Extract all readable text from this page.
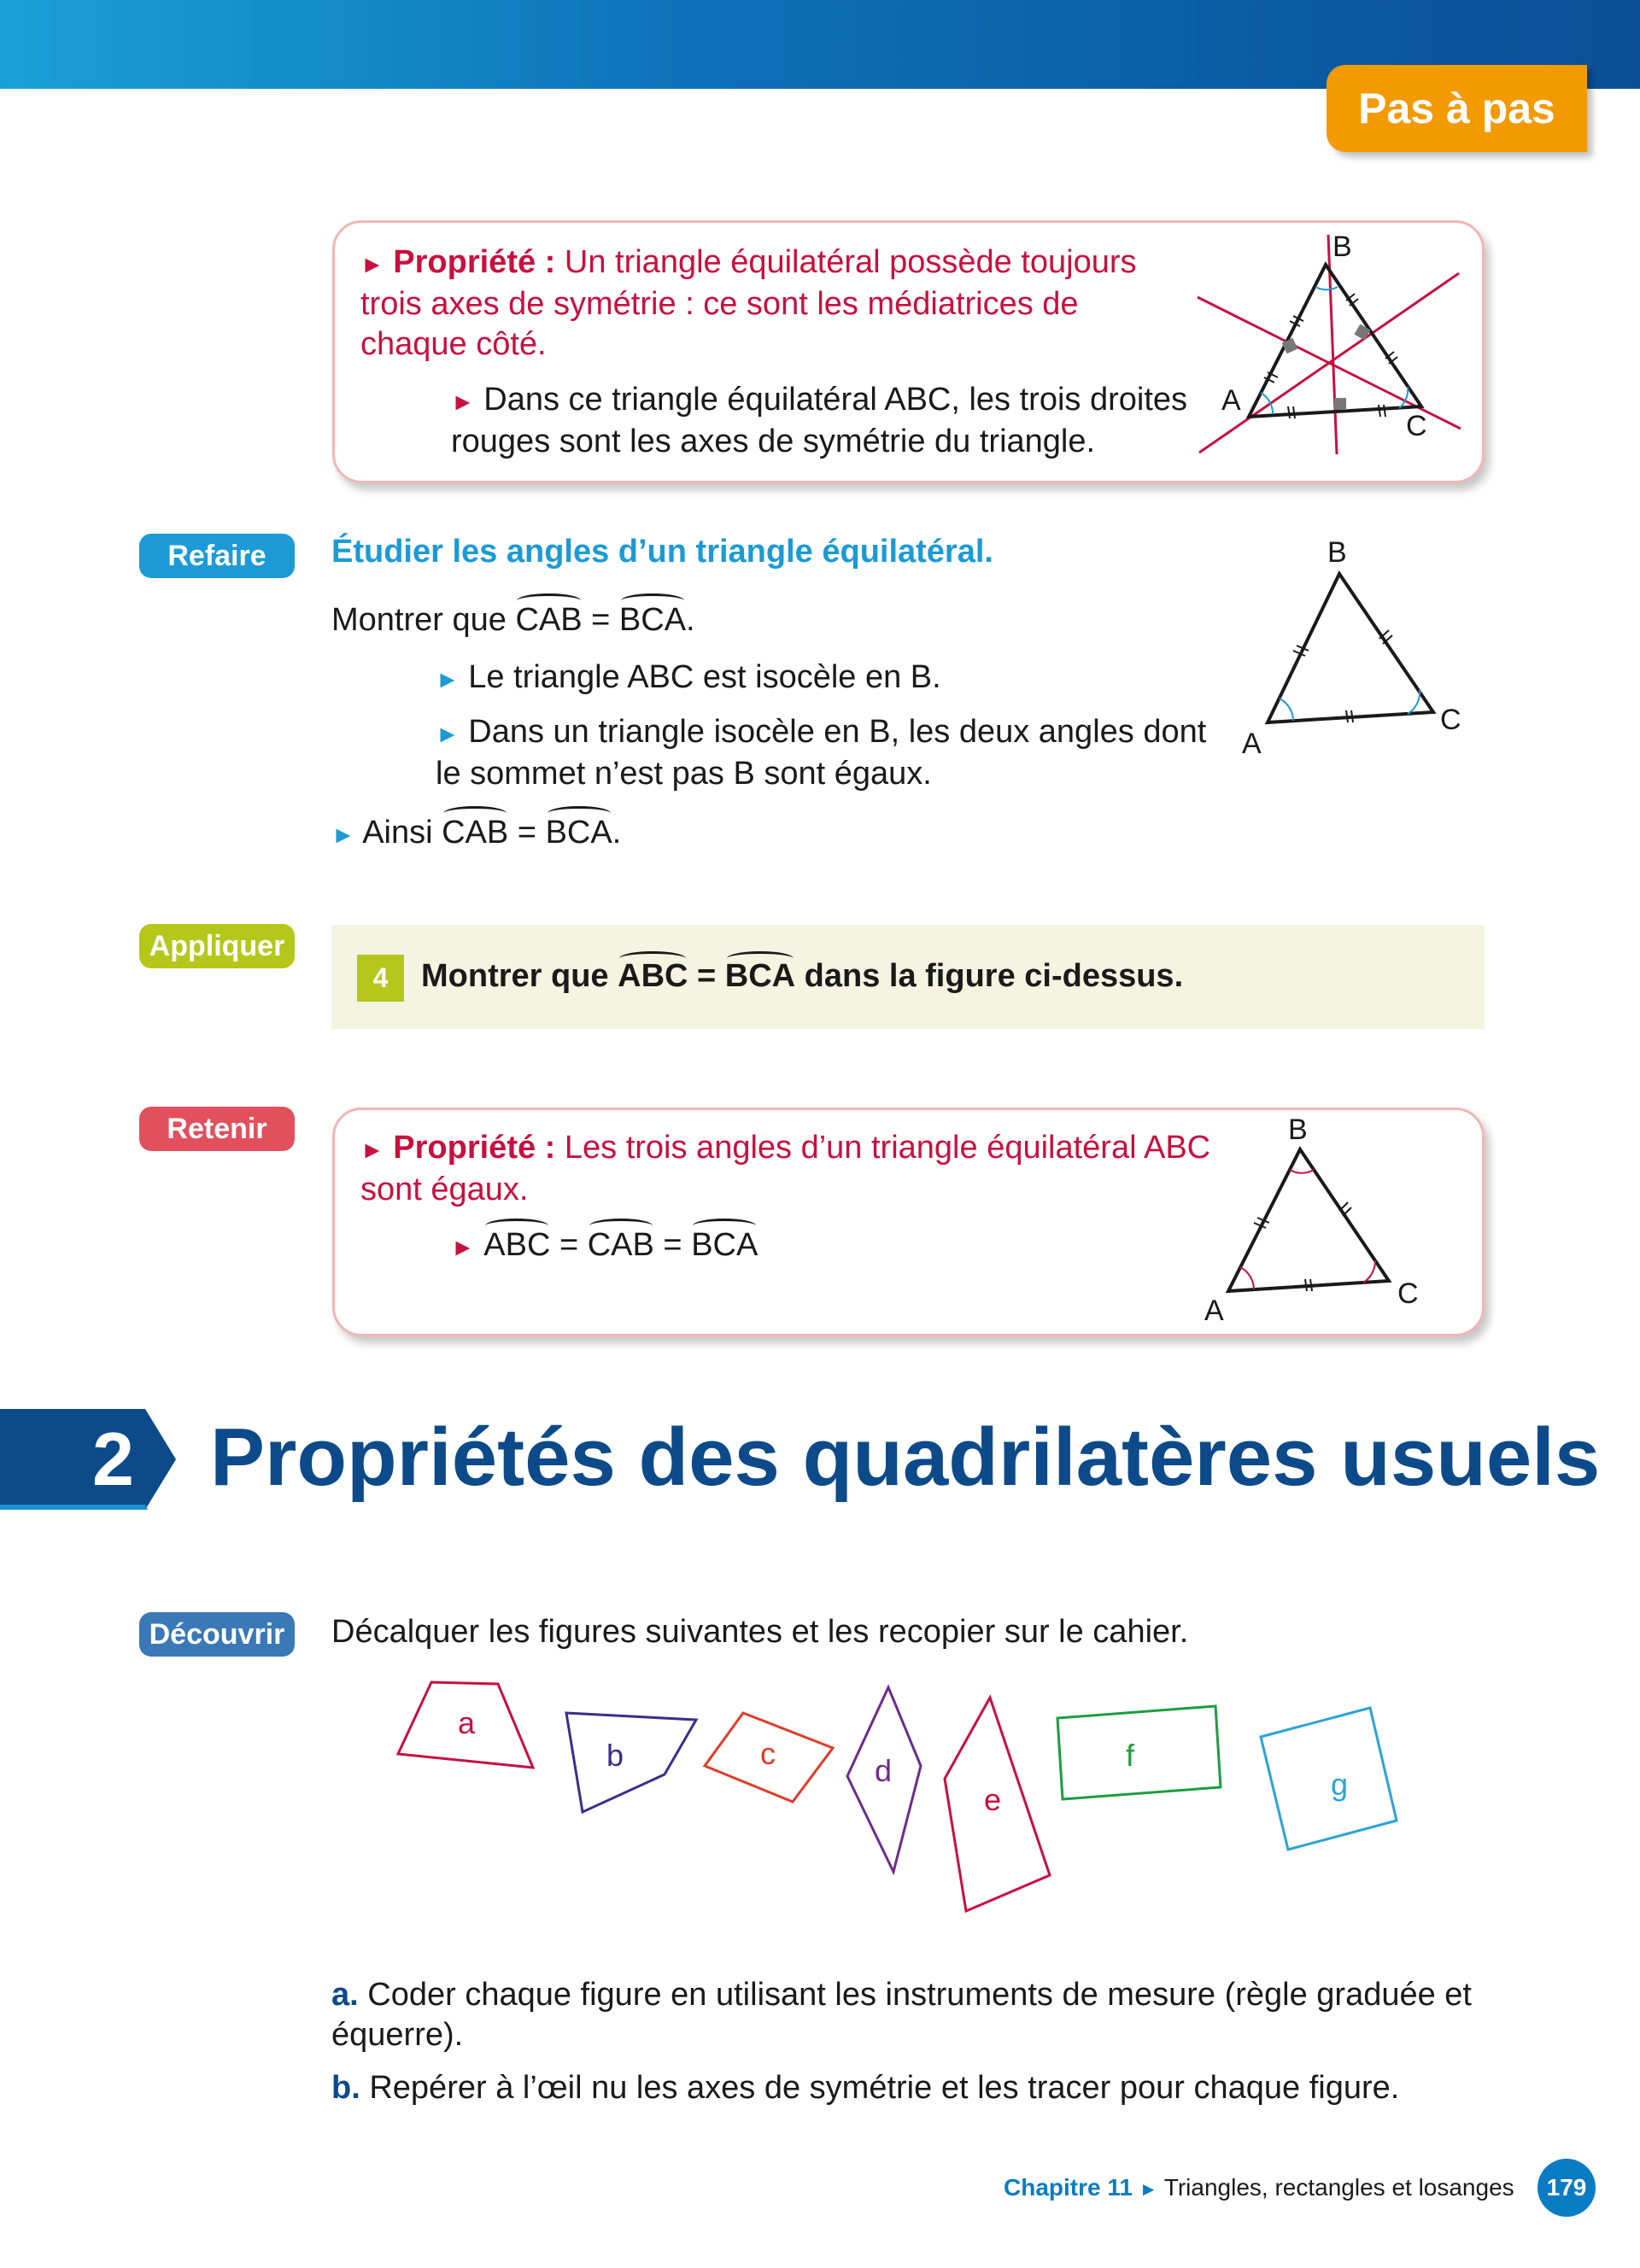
Pas à pas
► Propriété : Un triangle équilatéral possède toujours trois axes de symétrie : ce sont les médiatrices de chaque côté.
► Dans ce triangle équilatéral ABC, les trois droites rouges sont les axes de symétrie du triangle.
A
B
C
Refaire	Étudier les angles d’un triangle équilatéral.
Montrer que CAB = BCA.
► Le triangle ABC est isocèle en B.
► Dans un triangle isocèle en B, les deux angles dont le sommet n’est pas B sont égaux.
► Ainsi CAB = BCA.
A
B
C
Appliquer
4	Montrer que ABC = BCA dans la figure ci-dessus.
Retenir
► Propriété : Les trois angles d’un triangle équilatéral ABC sont égaux.
► ABC = CAB = BCA
A
B
C
2 Propriétés des quadrilatères usuels
Découvrir	Décalquer les figures suivantes et les recopier sur le cahier.
a
b	c	d
e
f
g
a. Coder chaque figure en utilisant les instruments de mesure (règle graduée et équerre).
b. Repérer à l’œil nu les axes de symétrie et les tracer pour chaque figure.
Chapitre 11 ► Triangles, rectangles et losanges	179
